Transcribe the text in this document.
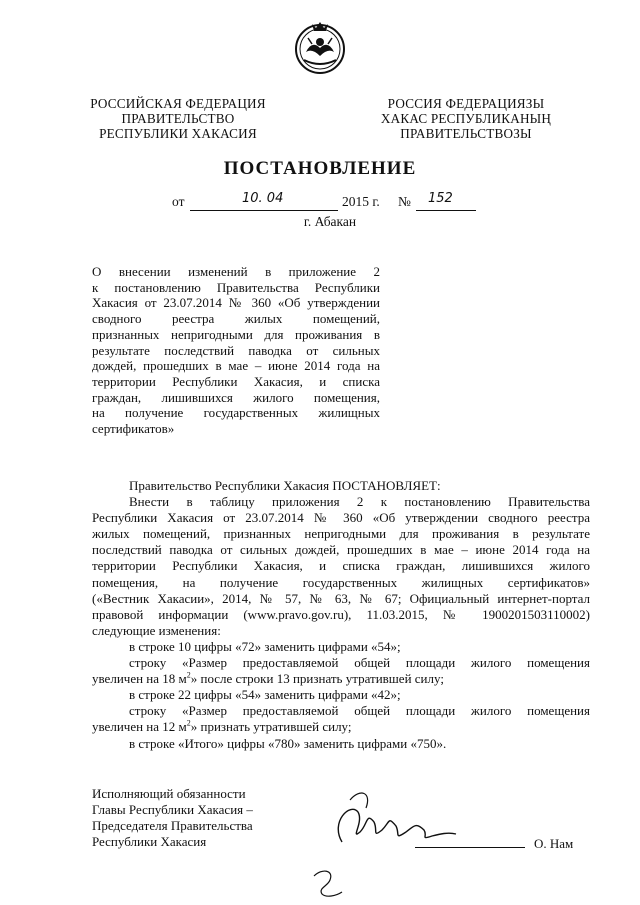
РОССИЙСКАЯ ФЕДЕРАЦИЯ
ПРАВИТЕЛЬСТВО
РЕСПУБЛИКИ ХАКАСИЯ
РОССИЯ ФЕДЕРАЦИЯЗЫ
ХАКАС РЕСПУБЛИКАНЫҢ
ПРАВИТЕЛЬСТВОЗЫ
ПОСТАНОВЛЕНИЕ
от	10. 04	2015 г. № 152
г. Абакан
О внесении изменений в приложение 2
к постановлению Правительства Республики
Хакасия от 23.07.2014 № 360 «Об утверждении
сводного реестра жилых помещений,
признанных непригодными для проживания в
результате последствий паводка от сильных
дождей, прошедших в мае – июне 2014 года на
территории Республики Хакасия, и списка
граждан, лишившихся жилого помещения,
на получение государственных жилищных
сертификатов»
Правительство Республики Хакасия ПОСТАНОВЛЯЕТ:
Внести в таблицу приложения 2 к постановлению Правительства
Республики Хакасия от 23.07.2014 № 360 «Об утверждении сводного реестра
жилых помещений, признанных непригодными для проживания в результате
последствий паводка от сильных дождей, прошедших в мае – июне 2014 года на
территории Республики Хакасия, и списка граждан, лишившихся жилого
помещения, на получение государственных жилищных сертификатов»
(«Вестник Хакасии», 2014, № 57, № 63, № 67; Официальный интернет-портал
правовой информации (www.pravo.gov.ru), 11.03.2015, № 1900201503110002)
следующие изменения:
в строке 10 цифры «72» заменить цифрами «54»;
строку «Размер предоставляемой общей площади жилого помещения
увеличен на 18 $м^2$» после строки 13 признать утратившей силу;
в строке 22 цифры «54» заменить цифрами «42»;
строку «Размер предоставляемой общей площади жилого помещения
увеличен на 12 $м^2$» признать утратившей силу;
в строке «Итого» цифры «780» заменить цифрами «750».
Исполняющий обязанности
Главы Республики Хакасия –
Председателя Правительства
Республики Хакасия	О. Нам
